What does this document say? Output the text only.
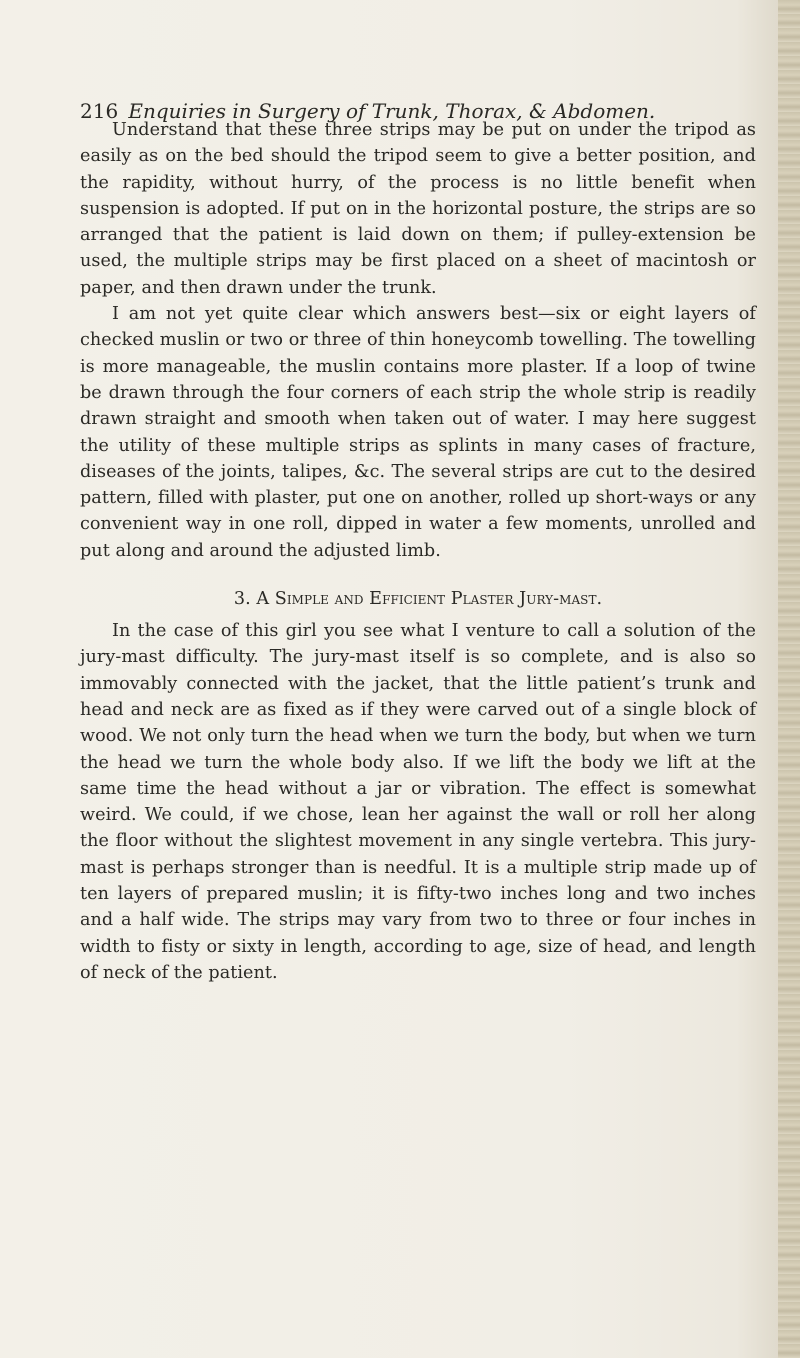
216 Enquiries in Surgery of Trunk, Thorax, & Abdomen.

Understand that these three strips may be put on under the tripod as easily as on the bed should the tripod seem to give a better position, and the rapidity, without hurry, of the process is no little benefit when suspension is adopted. If put on in the horizontal posture, the strips are so arranged that the patient is laid down on them; if pulley-extension be used, the multiple strips may be first placed on a sheet of macintosh or paper, and then drawn under the trunk.

I am not yet quite clear which answers best—six or eight layers of checked muslin or two or three of thin honeycomb towelling. The towelling is more manageable, the muslin contains more plaster. If a loop of twine be drawn through the four corners of each strip the whole strip is readily drawn straight and smooth when taken out of water. I may here suggest the utility of these multiple strips as splints in many cases of fracture, diseases of the joints, talipes, &c. The several strips are cut to the desired pattern, filled with plaster, put one on another, rolled up short-ways or any convenient way in one roll, dipped in water a few moments, unrolled and put along and around the adjusted limb.

3. A Simple and Efficient Plaster Jury-mast.

In the case of this girl you see what I venture to call a solution of the jury-mast difficulty. The jury-mast itself is so complete, and is also so immovably connected with the jacket, that the little patient’s trunk and head and neck are as fixed as if they were carved out of a single block of wood. We not only turn the head when we turn the body, but when we turn the head we turn the whole body also. If we lift the body we lift at the same time the head without a jar or vibration. The effect is somewhat weird. We could, if we chose, lean her against the wall or roll her along the floor without the slightest movement in any single vertebra. This jury-mast is perhaps stronger than is needful. It is a multiple strip made up of ten layers of prepared muslin; it is fifty-two inches long and two inches and a half wide. The strips may vary from two to three or four inches in width to fisty or sixty in length, according to age, size of head, and length of neck of the patient.
